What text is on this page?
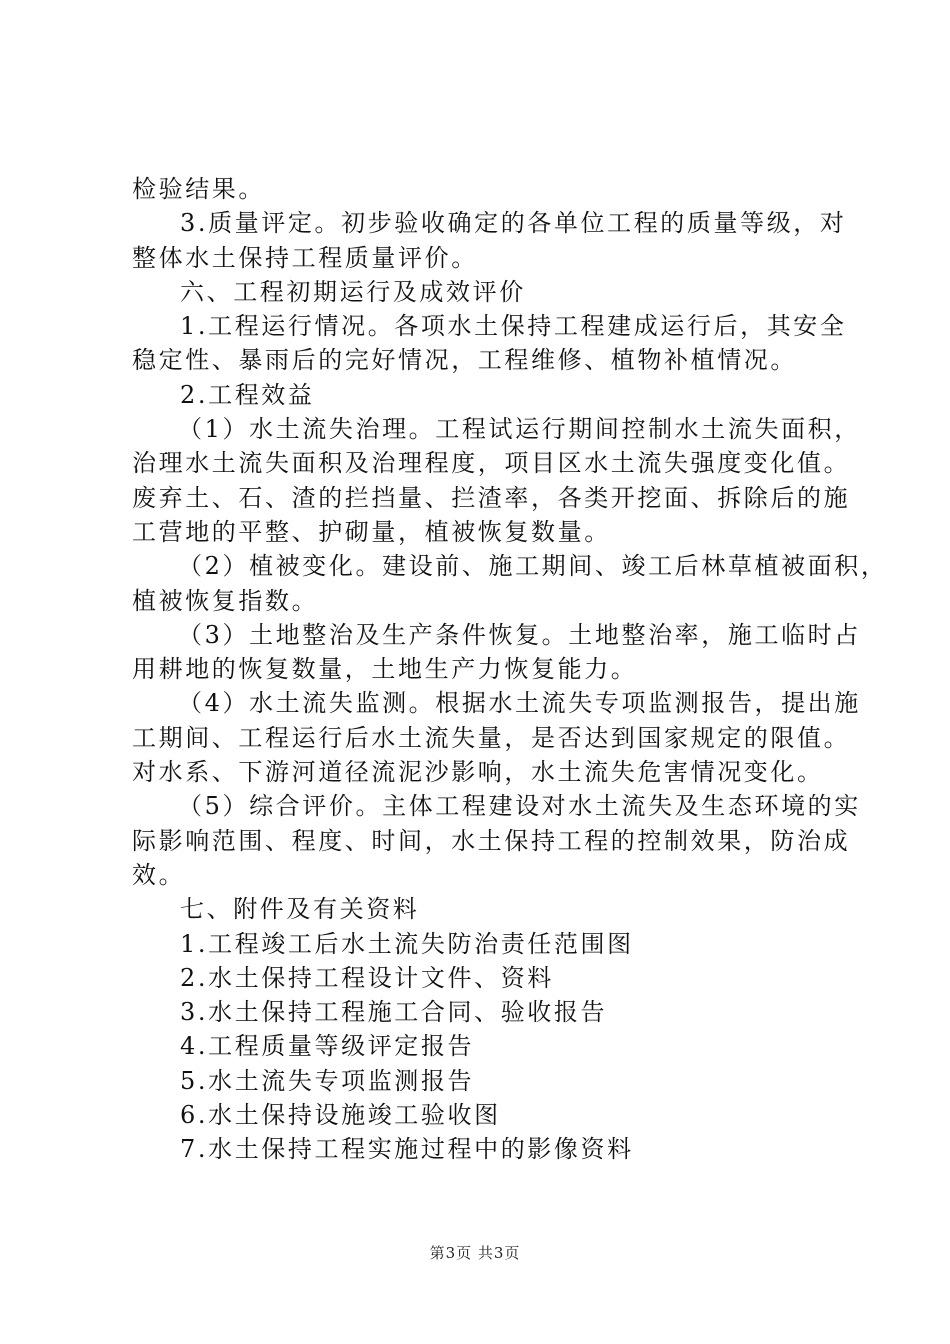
检验结果。
3.质量评定。初步验收确定的各单位工程的质量等级，对
整体水土保持工程质量评价。
六、工程初期运行及成效评价
1.工程运行情况。各项水土保持工程建成运行后，其安全
稳定性、暴雨后的完好情况，工程维修、植物补植情况。
2.工程效益
（1）水土流失治理。工程试运行期间控制水土流失面积，
治理水土流失面积及治理程度，项目区水土流失强度变化值。
废弃土、石、渣的拦挡量、拦渣率，各类开挖面、拆除后的施
工营地的平整、护砌量，植被恢复数量。
（2）植被变化。建设前、施工期间、竣工后林草植被面积，
植被恢复指数。
（3）土地整治及生产条件恢复。土地整治率，施工临时占
用耕地的恢复数量，土地生产力恢复能力。
（4）水土流失监测。根据水土流失专项监测报告，提出施
工期间、工程运行后水土流失量，是否达到国家规定的限值。
对水系、下游河道径流泥沙影响，水土流失危害情况变化。
（5）综合评价。主体工程建设对水土流失及生态环境的实
际影响范围、程度、时间，水土保持工程的控制效果，防治成
效。
七、附件及有关资料
1.工程竣工后水土流失防治责任范围图
2.水土保持工程设计文件、资料
3.水土保持工程施工合同、验收报告
4.工程质量等级评定报告
5.水土流失专项监测报告
6.水土保持设施竣工验收图
7.水土保持工程实施过程中的影像资料
第3页 共3页
